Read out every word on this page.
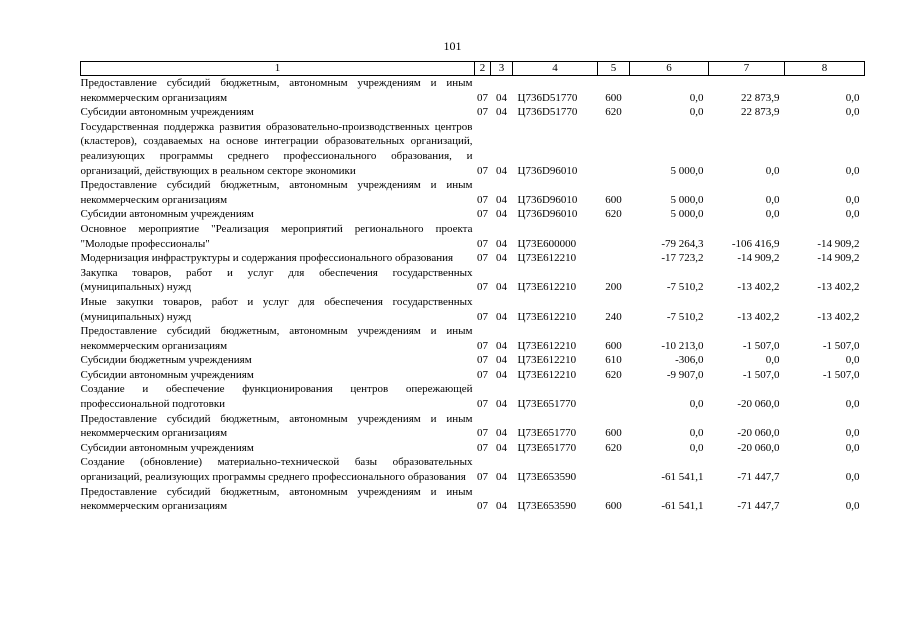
101
1	2	3	4	5	6	7	8
Предоставление субсидий бюджетным, автономным учреждениям и иным некоммерческим организациям	07	04	Ц736D51770	600	0,0	22 873,9	0,0
Субсидии автономным учреждениям	07	04	Ц736D51770	620	0,0	22 873,9	0,0
Государственная поддержка развития образовательно-производственных центров (кластеров), создаваемых на основе интеграции образовательных организаций, реализующих программы среднего профессионального образования, и организаций, действующих в реальном секторе экономики	07	04	Ц736D96010		5 000,0	0,0	0,0
Предоставление субсидий бюджетным, автономным учреждениям и иным некоммерческим организациям	07	04	Ц736D96010	600	5 000,0	0,0	0,0
Субсидии автономным учреждениям	07	04	Ц736D96010	620	5 000,0	0,0	0,0
Основное мероприятие "Реализация мероприятий регионального проекта "Молодые профессионалы"	07	04	Ц73Е600000		-79 264,3	-106 416,9	-14 909,2
Модернизация инфраструктуры и содержания профессионального образования	07	04	Ц73Е612210		-17 723,2	-14 909,2	-14 909,2
Закупка товаров, работ и услуг для обеспечения государственных (муниципальных) нужд	07	04	Ц73Е612210	200	-7 510,2	-13 402,2	-13 402,2
Иные закупки товаров, работ и услуг для обеспечения государственных (муниципальных) нужд	07	04	Ц73Е612210	240	-7 510,2	-13 402,2	-13 402,2
Предоставление субсидий бюджетным, автономным учреждениям и иным некоммерческим организациям	07	04	Ц73Е612210	600	-10 213,0	-1 507,0	-1 507,0
Субсидии бюджетным учреждениям	07	04	Ц73Е612210	610	-306,0	0,0	0,0
Субсидии автономным учреждениям	07	04	Ц73Е612210	620	-9 907,0	-1 507,0	-1 507,0
Создание и обеспечение функционирования центров опережающей профессиональной подготовки	07	04	Ц73Е651770		0,0	-20 060,0	0,0
Предоставление субсидий бюджетным, автономным учреждениям и иным некоммерческим организациям	07	04	Ц73Е651770	600	0,0	-20 060,0	0,0
Субсидии автономным учреждениям	07	04	Ц73Е651770	620	0,0	-20 060,0	0,0
Создание (обновление) материально-технической базы образовательных организаций, реализующих программы среднего профессионального образования	07	04	Ц73Е653590		-61 541,1	-71 447,7	0,0
Предоставление субсидий бюджетным, автономным учреждениям и иным некоммерческим организациям	07	04	Ц73Е653590	600	-61 541,1	-71 447,7	0,0
